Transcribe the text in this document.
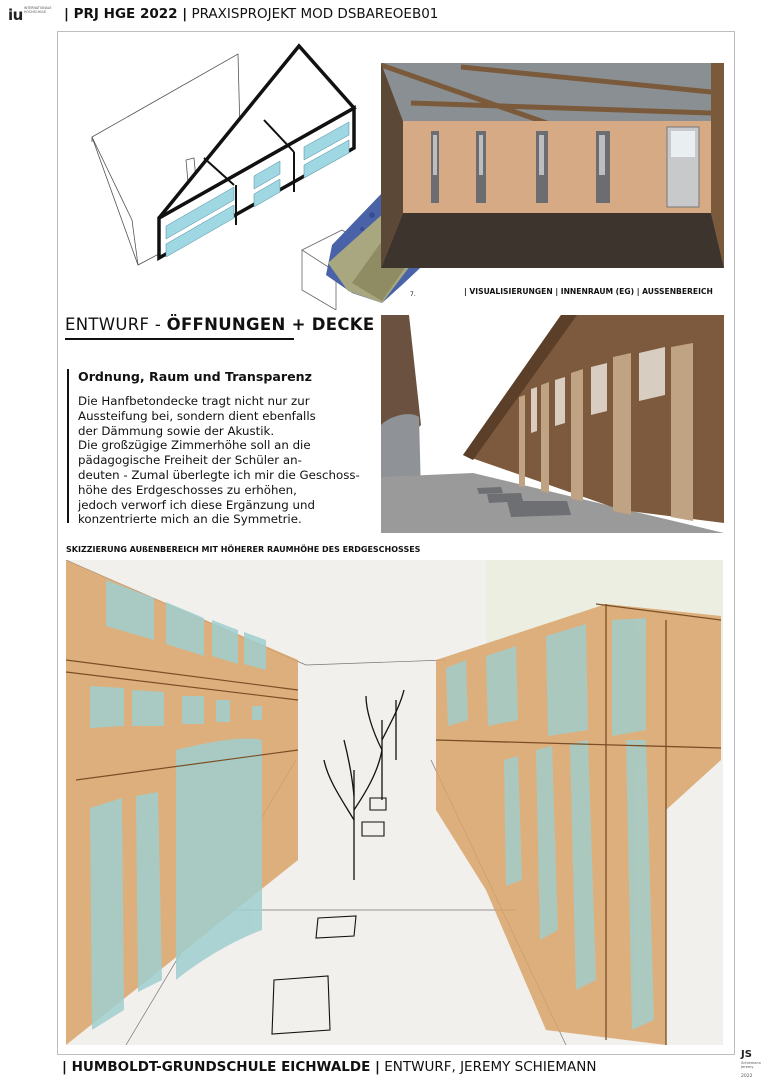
iu INTERNATIONALE HOCHSCHULE | PRJ HGE 2022 | PRAXISPROJEKT MOD DSBAREOEB01
7.	| VISUALISIERUNGEN | INNENRAUM (EG) | AUSSENBEREICH
ENTWURF - ÖFFNUNGEN + DECKE
Ordnung, Raum und Transparenz
Die Hanfbetondecke tragt nicht nur zur
Aussteifung bei, sondern dient ebenfalls
der Dämmung sowie der Akustik.
Die großzügige Zimmerhöhe soll an die
pädagogische Freiheit der Schüler an-
deuten - Zumal überlegte ich mir die Geschoss-
höhe des Erdgeschosses zu erhöhen,
jedoch verworf ich diese Ergänzung und
konzentrierte mich an die Symmetrie.
SKIZZIERUNG AUßENBEREICH MIT HÖHERER RAUMHÖHE DES ERDGESCHOSSES
| HUMBOLDT-GRUNDSCHULE EICHWALDE | ENTWURF, JEREMY SCHIEMANN
JS
Schiemann Jeremy
2022
